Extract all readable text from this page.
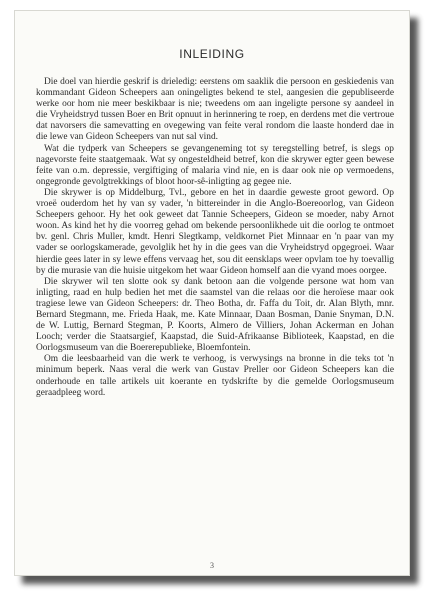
INLEIDING

Die doel van hierdie geskrif is drieledig: eerstens om saaklik die persoon en geskiedenis van kommandant Gideon Scheepers aan oningeligtes bekend te stel, aangesien die gepubliseerde werke oor hom nie meer beskikbaar is nie; tweedens om aan ingeligte persone sy aandeel in die Vryheidstryd tussen Boer en Brit opnuut in herinnering te roep, en derdens met die vertroue dat navorsers die samevatting en ovegewing van feite veral rondom die laaste honderd dae in die lewe van Gideon Scheepers van nut sal vind.

Wat die tydperk van Scheepers se gevangeneming tot sy teregstelling betref, is slegs op nagevorste feite staatgemaak. Wat sy ongesteldheid betref, kon die skrywer egter geen bewese feite van o.m. depressie, vergiftiging of malaria vind nie, en is daar ook nie op vermoedens, ongegronde gevolgtrekkings of bloot hoor-sê-inligting ag gegee nie.

Die skrywer is op Middelburg, Tvl., gebore en het in daardie geweste groot geword. Op vroeë ouderdom het hy van sy vader, 'n bittereinder in die Anglo-Boereoorlog, van Gideon Scheepers gehoor. Hy het ook geweet dat Tannie Scheepers, Gideon se moeder, naby Arnot woon. As kind het hy die voorreg gehad om bekende persoonlikhede uit die oorlog te ontmoet bv. genl. Chris Muller, kmdt. Henri Slegtkamp, veldkornet Piet Minnaar en 'n paar van my vader se oorlogskamerade, gevolglik het hy in die gees van die Vryheidstryd opgegroei. Waar hierdie gees later in sy lewe effens vervaag het, sou dit eensklaps weer opvlam toe hy toevallig by die murasie van die huisie uitgekom het waar Gideon homself aan die vyand moes oorgee.

Die skrywer wil ten slotte ook sy dank betoon aan die volgende persone wat hom van inligting, raad en hulp bedien het met die saamstel van die relaas oor die heroïese maar ook tragiese lewe van Gideon Scheepers: dr. Theo Botha, dr. Faffa du Toit, dr. Alan Blyth, mnr. Bernard Stegmann, me. Frieda Haak, me. Kate Minnaar, Daan Bosman, Danie Snyman, D.N. de W. Luttig, Bernard Stegman, P. Koorts, Almero de Villiers, Johan Ackerman en Johan Looch; verder die Staatsargief, Kaapstad, die Suid-Afrikaanse Biblioteek, Kaapstad, en die Oorlogsmuseum van die Boererepublieke, Bloemfontein.

Om die leesbaarheid van die werk te verhoog, is verwysings na bronne in die teks tot 'n minimum beperk. Naas veral die werk van Gustav Preller oor Gideon Scheepers kan die onderhoude en talle artikels uit koerante en tydskrifte by die gemelde Oorlogsmuseum geraadpleeg word.

3
